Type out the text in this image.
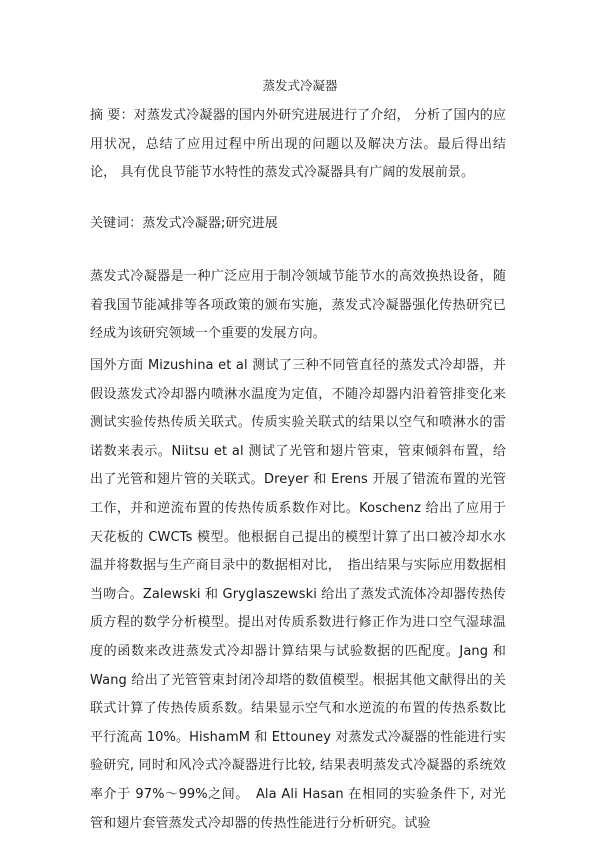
蒸发式冷凝器

摘 要：对蒸发式冷凝器的国内外研究进展进行了介绍， 分析了国内的应用状况，总结了应用过程中所出现的问题以及解决方法。最后得出结论， 具有优良节能节水特性的蒸发式冷凝器具有广阔的发展前景。

关键词：蒸发式冷凝器;研究进展

蒸发式冷凝器是一种广泛应用于制冷领域节能节水的高效换热设备，随着我国节能减排等各项政策的颁布实施，蒸发式冷凝器强化传热研究已经成为该研究领域一个重要的发展方向。

国外方面 Mizushina et al 测试了三种不同管直径的蒸发式冷却器，并假设蒸发式冷却器内喷淋水温度为定值，不随冷却器内沿着管排变化来测试实验传热传质关联式。传质实验关联式的结果以空气和喷淋水的雷诺数来表示。Niitsu et al 测试了光管和翅片管束，管束倾斜布置，给出了光管和翅片管的关联式。Dreyer 和 Erens 开展了错流布置的光管工作，并和逆流布置的传热传质系数作对比。Koschenz 给出了应用于天花板的 CWCTs 模型。他根据自己提出的模型计算了出口被冷却水水温并将数据与生产商目录中的数据相对比，　指出结果与实际应用数据相当吻合。Zalewski 和 Gryglaszewski 给出了蒸发式流体冷却器传热传质方程的数学分析模型。提出对传质系数进行修正作为进口空气湿球温度的函数来改进蒸发式冷却器计算结果与试验数据的匹配度。Jang 和 Wang 给出了光管管束封闭冷却塔的数值模型。根据其他文献得出的关联式计算了传热传质系数。结果显示空气和水逆流的布置的传热系数比平行流高 10%。HishamM 和 Ettouney 对蒸发式冷凝器的性能进行实验研究, 同时和风冷式冷凝器进行比较, 结果表明蒸发式冷凝器的系统效率介于 97%～99%之间。　Ala Ali Hasan 在相同的实验条件下, 对光管和翅片套管蒸发式冷却器的传热性能进行分析研究。试验
